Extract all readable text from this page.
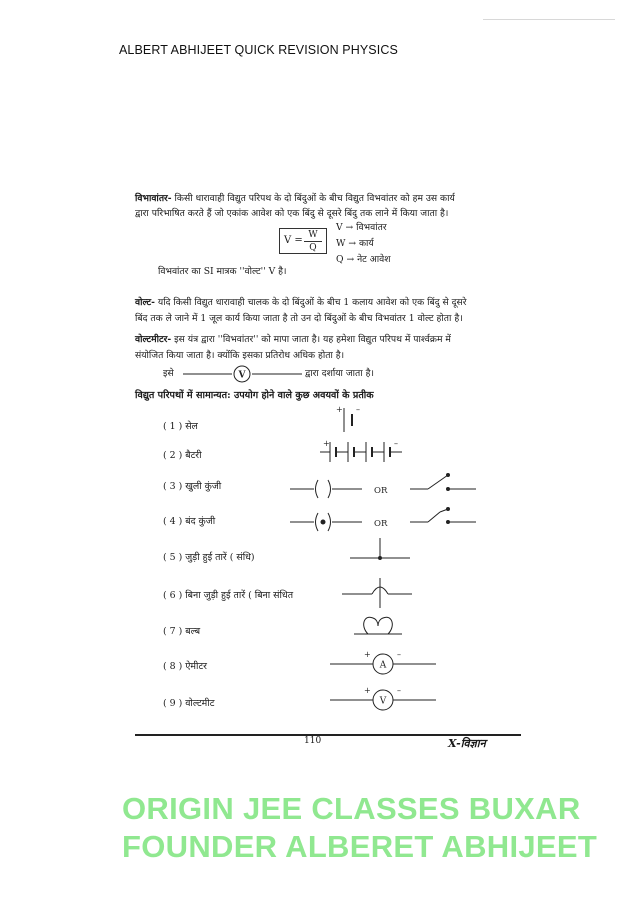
ALBERT ABHIJEET QUICK REVISION PHYSICS
विभावांतर- किसी धारावाही विद्युत परिपथ के दो बिंदुओं के बीच विद्युत विभवांतर को हम उस कार्य
द्वारा परिभाषित करते हैं जो एकांक आवेश को एक बिंदु से दूसरे बिंदु तक लाने में किया जाता है।
V = W
Q
V → विभवांतर
W → कार्य
Q → नेट आवेश
विभवांतर का SI मात्रक ''वोल्ट'' V है।
वोल्ट- यदि किसी विद्युत धारावाही चालक के दो बिंदुओं के बीच 1 कलाय आवेश को एक बिंदु से दूसरे
बिंद तक ले जाने में 1 जूल कार्य किया जाता है तो उन दो बिंदुओं के बीच विभवांतर 1 वोल्ट होता है।
वोल्टमीटर- इस यंत्र द्वारा ''विभवांतर'' को मापा जाता है। यह हमेशा विद्युत परिपथ में पार्श्वक्रम में
संयोजित किया जाता है। क्योंकि इसका प्रतिरोध अधिक होता है।
इसे	V	द्वारा दर्शाया जाता है।
विद्युत परिपथों में सामान्यत: उपयोग होने वाले कुछ अवयवों के प्रतीक
( 1 ) सेल
( 2 ) बैटरी
( 3 ) खुली कुंजी
( 4 ) बंद कुंजी
( 5 ) जुड़ी हुई तारें ( संधि)
( 6 ) बिना जुड़ी हुई तारें ( बिना संधित
( 7 ) बल्ब
( 8 ) ऐमीटर
( 9 ) वोल्टमीट
+ –
+	–
+	–
+	–
OR
OR
A
V
110	X-विज्ञान
ORIGIN JEE CLASSES BUXAR
FOUNDER ALBERET ABHIJEET
